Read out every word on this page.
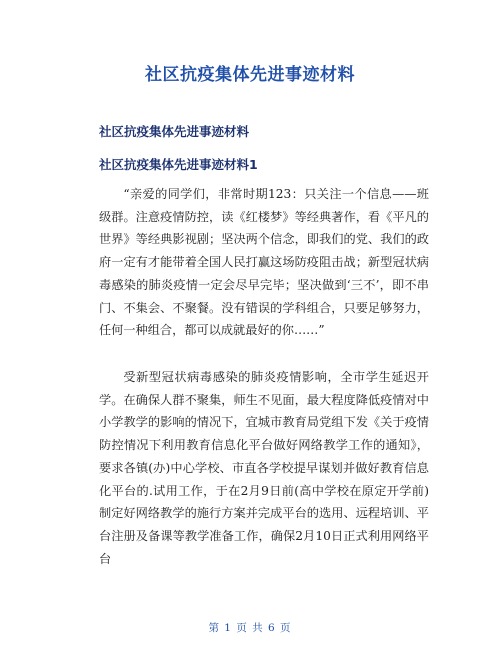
社区抗疫集体先进事迹材料
社区抗疫集体先进事迹材料
社区抗疫集体先进事迹材料1

“亲爱的同学们，非常时期123：只关注一个信息——班级群。注意疫情防控，读《红楼梦》等经典著作，看《平凡的世界》等经典影视剧；坚决两个信念，即我们的党、我们的政府一定有才能带着全国人民打赢这场防疫阻击战；新型冠状病毒感染的肺炎疫情一定会尽早完毕；坚决做到‘三不’，即不串门、不集会、不聚餐。没有错误的学科组合，只要足够努力，任何一种组合，都可以成就最好的你……”

受新型冠状病毒感染的肺炎疫情影响，全市学生延迟开学。在确保人群不聚集，师生不见面，最大程度降低疫情对中小学教学的影响的情况下，宜城市教育局党组下发《关于疫情防控情况下利用教育信息化平台做好网络教学工作的通知》，要求各镇(办)中心学校、市直各学校提早谋划并做好教育信息化平台的.试用工作，于在2月9日前(高中学校在原定开学前)制定好网络教学的施行方案并完成平台的选用、远程培训、平台注册及备课等教学准备工作，确保2月10日正式利用网络平台

第 1 页 共 6 页
